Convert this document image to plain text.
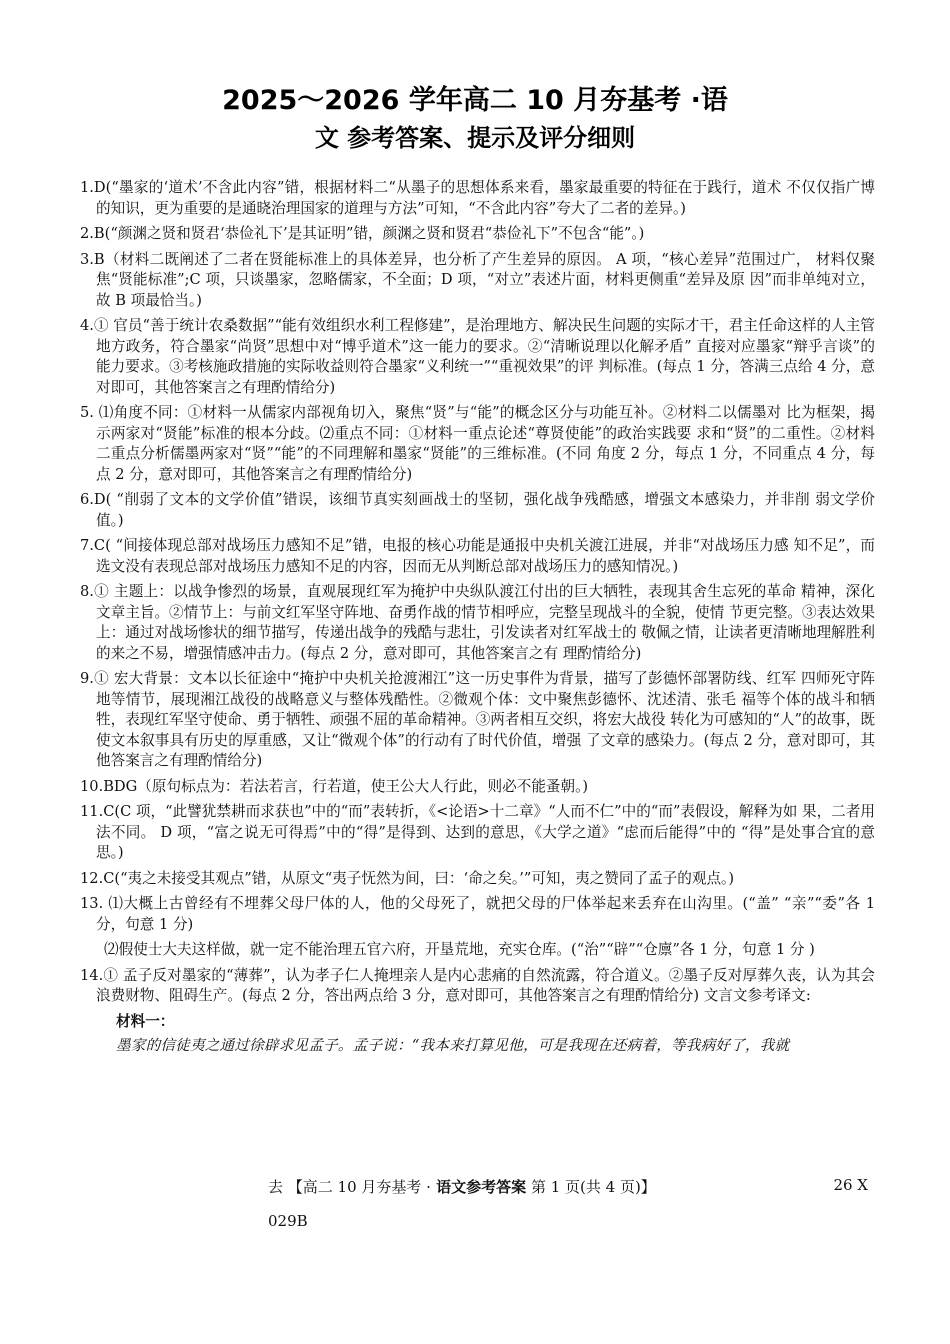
2025～2026 学年高二 10 月夯基考 ·语
文 参考答案、提示及评分细则

1.D(“墨家的‘道术’不含此内容”错，根据材料二“从墨子的思想体系来看，墨家最重要的特征在于践行，道术 不仅仅指广博的知识，更为重要的是通晓治理国家的道理与方法”可知，“不含此内容”夸大了二者的差异。)

2.B(“颜渊之贤和贤君‘恭俭礼下’是其证明”错，颜渊之贤和贤君“恭俭礼下”不包含“能”。)

3.B（材料二既阐述了二者在贤能标准上的具体差异，也分析了产生差异的原因。 A 项，“核心差异”范围过广， 材料仅聚焦“贤能标准”;C 项，只谈墨家，忽略儒家，不全面；D 项，“对立”表述片面，材料更侧重“差异及原 因”而非单纯对立，故 B 项最恰当。)

4.① 官员“善于统计农桑数据”“能有效组织水利工程修建”，是治理地方、解决民生问题的实际才干，君主任命这样的人主管地方政务，符合墨家“尚贤”思想中对“博乎道术”这一能力的要求。②“清晰说理以化解矛盾” 直接对应墨家“辩乎言谈”的能力要求。③考核施政措施的实际收益则符合墨家“义利统一”“重视效果”的评 判标准。(每点 1 分，答满三点给 4 分，意对即可，其他答案言之有理酌情给分)

5. ⑴角度不同：①材料一从儒家内部视角切入，聚焦“贤”与“能”的概念区分与功能互补。②材料二以儒墨对 比为框架，揭示两家对“贤能”标准的根本分歧。⑵重点不同：①材料一重点论述“尊贤使能”的政治实践要 求和“贤”的二重性。②材料二重点分析儒墨两家对“贤”“能”的不同理解和墨家“贤能”的三维标准。(不同 角度 2 分，每点 1 分，不同重点 4 分，每点 2 分，意对即可，其他答案言之有理酌情给分)

6.D( “削弱了文本的文学价值”错误，该细节真实刻画战士的坚韧，强化战争残酷感，增强文本感染力，并非削 弱文学价值。)

7.C( “间接体现总部对战场压力感知不足”错，电报的核心功能是通报中央机关渡江进展，并非“对战场压力感 知不足”，而选文没有表现总部对战场压力感知不足的内容，因而无从判断总部对战场压力的感知情况。)

8.① 主题上：以战争惨烈的场景，直观展现红军为掩护中央纵队渡江付出的巨大牺牲，表现其舍生忘死的革命 精神，深化文章主旨。②情节上：与前文红军坚守阵地、奋勇作战的情节相呼应，完整呈现战斗的全貌，使情 节更完整。③表达效果上：通过对战场惨状的细节描写，传递出战争的残酷与悲壮，引发读者对红军战士的 敬佩之情，让读者更清晰地理解胜利的来之不易，增强情感冲击力。(每点 2 分，意对即可，其他答案言之有 理酌情给分)

9.① 宏大背景：文本以长征途中“掩护中央机关抢渡湘江”这一历史事件为背景，描写了彭德怀部署防线、红军 四师死守阵地等情节，展现湘江战役的战略意义与整体残酷性。②微观个体：文中聚焦彭德怀、沈述清、张毛 福等个体的战斗和牺牲，表现红军坚守使命、勇于牺牲、顽强不屈的革命精神。③两者相互交织，将宏大战役 转化为可感知的“人”的故事，既使文本叙事具有历史的厚重感，又让“微观个体”的行动有了时代价值，增强 了文章的感染力。(每点 2 分，意对即可，其他答案言之有理酌情给分)

10.BDG（原句标点为：若法若言，行若道，使王公大人行此，则必不能蚤朝。)

11.C(C 项，“此譬犹禁耕而求获也”中的“而”表转折，《<论语>十二章》“人而不仁”中的“而”表假设，解释为如 果，二者用法不同。 D 项，“富之说无可得焉”中的“得”是得到、达到的意思，《大学之道》“虑而后能得”中的 “得”是处事合宜的意思。)

12.C(“夷之未接受其观点”错，从原文“夷子怃然为间，曰：‘命之矣。’”可知，夷之赞同了孟子的观点。)

13. ⑴大概上古曾经有不埋葬父母尸体的人，他的父母死了，就把父母的尸体举起来丢弃在山沟里。(“盖” “亲”“委”各 1 分，句意 1 分)

⑵假使士大夫这样做，就一定不能治理五官六府，开垦荒地，充实仓库。(“治”“辟”“仓廪”各 1 分，句意 1 分 )

14.① 孟子反对墨家的“薄葬”，认为孝子仁人掩埋亲人是内心悲痛的自然流露，符合道义。②墨子反对厚葬久丧，认为其会浪费财物、阻碍生产。(每点 2 分，答出两点给 3 分，意对即可，其他答案言之有理酌情给分) 文言文参考译文:

材料一：
墨家的信徒夷之通过徐辟求见孟子。孟子说：“我本来打算见他，可是我现在还病着，等我病好了，我就
去 【高二 10 月夯基考 · 语文参考答案 第 1 页(共 4 页)】	26 X
029B
